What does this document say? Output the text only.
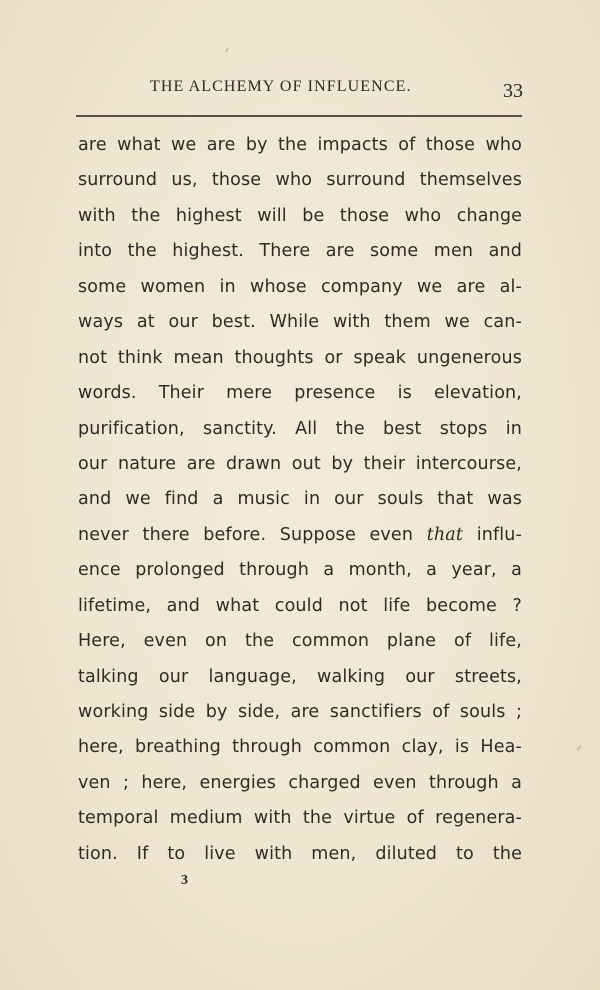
THE ALCHEMY OF INFLUENCE.	33
are what we are by the impacts of those who
surround us, those who surround themselves
with the highest will be those who change
into the highest. There are some men and
some women in whose company we are al-
ways at our best. While with them we can-
not think mean thoughts or speak ungenerous
words. Their mere presence is elevation,
purification, sanctity. All the best stops in
our nature are drawn out by their intercourse,
and we find a music in our souls that was
never there before. Suppose even that influ-
ence prolonged through a month, a year, a
lifetime, and what could not life become ?
Here, even on the common plane of life,
talking our language, walking our streets,
working side by side, are sanctifiers of souls ;
here, breathing through common clay, is Hea-
ven ; here, energies charged even through a
temporal medium with the virtue of regenera-
tion. If to live with men, diluted to the
3
